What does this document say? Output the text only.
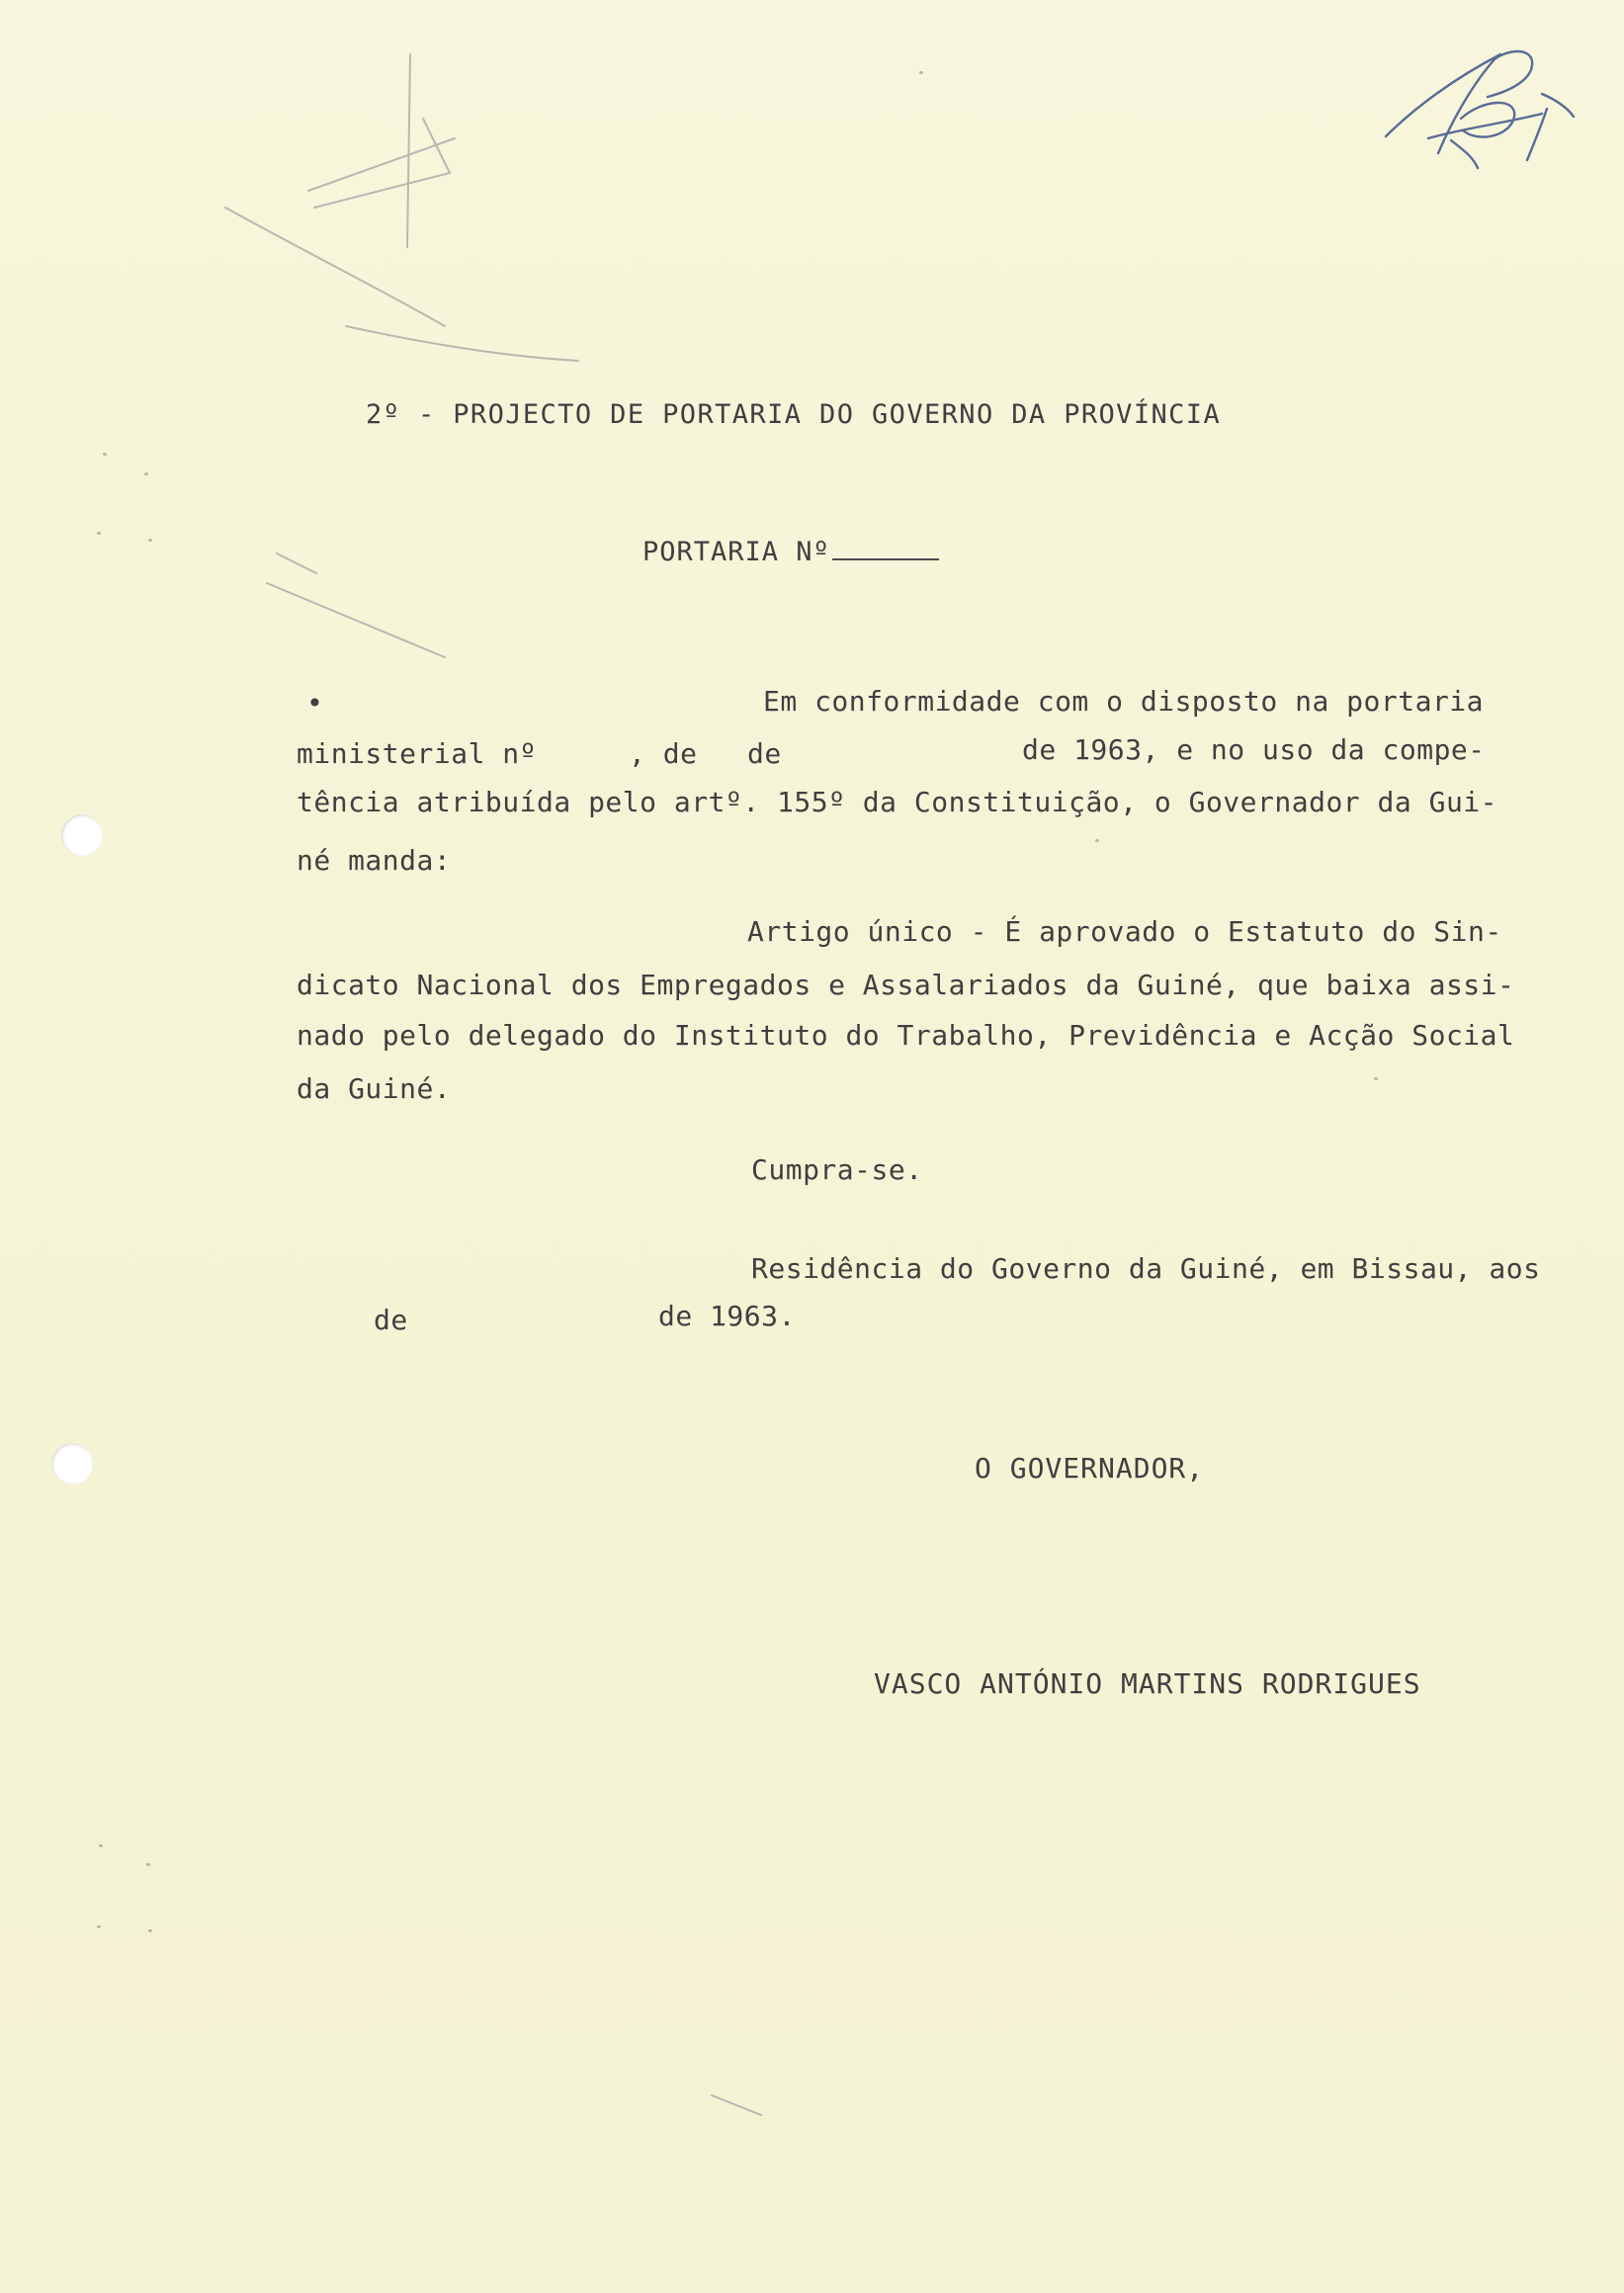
2º - PROJECTO DE PORTARIA DO GOVERNO DA PROVÍNCIA
PORTARIA Nº
•	Em conformidade com o disposto na portaria
ministerial nº	, de de	de 1963, e no uso da compe-
tência atribuída pelo artº. 155º da Constituição, o Governador da Gui-
né manda:
Artigo único - É aprovado o Estatuto do Sin-
dicato Nacional dos Empregados e Assalariados da Guiné, que baixa assi-
nado pelo delegado do Instituto do Trabalho, Previdência e Acção Social
da Guiné.
Cumpra-se.
Residência do Governo da Guiné, em Bissau, aos
de	de 1963.
O GOVERNADOR,
VASCO ANTÓNIO MARTINS RODRIGUES
